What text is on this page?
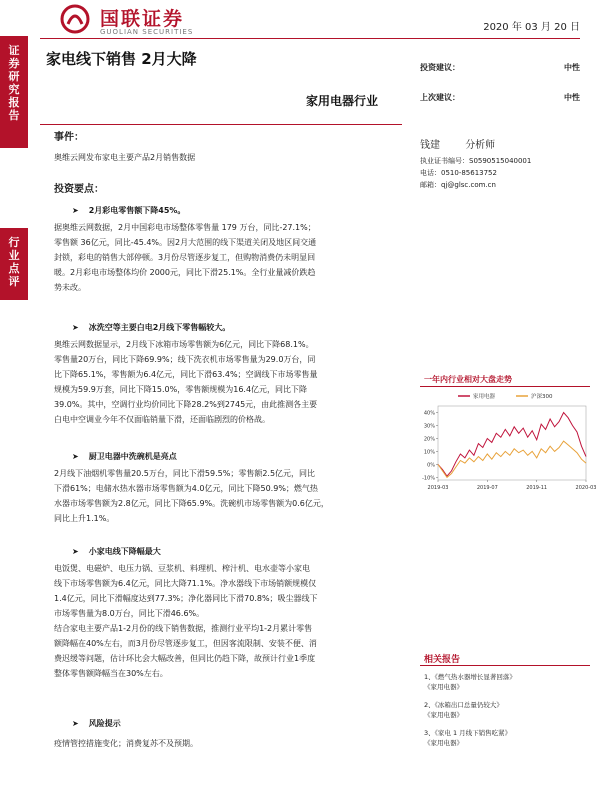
证
券
研
究
报
告
行
业
点
评
国联证券
GUOLIAN SECURITIES	2020 年 03 月 20 日
家电线下销售 2月大降
家用电器行业
投资建议：	中性
上次建议：	中性
钱建	分析师
执业证书编号：S0590515040001
电话：0510-85613752
邮箱：qj@glsc.com.cn
事件：
奥维云网发布家电主要产品2月销售数据
投资要点：
➤ 2月彩电零售额下降45%。
据奥维云网数据，2月中国彩电市场整体零售量 179 万台，同比-27.1%；
零售额 36亿元，同比-45.4%。因2月大范围的线下渠道关闭及地区间交通
封锁，彩电的销售大部停顿。3月份尽管逐步复工，但购物消费仍未明显回
暖。2月彩电市场整体均价 2000元，同比下滑25.1%。全行业量减价跌趋
势未改。
➤ 冰洗空等主要白电2月线下零售幅较大。
奥维云网数据显示，2月线下冰箱市场零售额为6亿元，同比下降68.1%。
零售量20万台，同比下降69.9%；线下洗衣机市场零售量为29.0万台，同
比下降65.1%，零售额为6.4亿元，同比下滑63.4%；空调线下市场零售量
规模为59.9万套，同比下降15.0%，零售额规模为16.4亿元，同比下降
39.0%。其中，空调行业均价同比下降28.2%到2745元，由此推测各主要
白电中空调业今年不仅面临销量下滑，还面临剧烈的价格战。
➤ 厨卫电器中洗碗机是亮点
2月线下油烟机零售量20.5万台，同比下滑59.5%；零售额2.5亿元，同比
下滑61%；电储水热水器市场零售额为4.0亿元，同比下降50.9%；燃气热
水器市场零售额为2.8亿元，同比下降65.9%。洗碗机市场零售额为0.6亿元，
同比上升1.1%。
➤ 小家电线下降幅最大
电饭煲、电磁炉、电压力锅、豆浆机、料理机、榨汁机、电水壶等小家电
线下市场零售额为6.4亿元，同比大降71.1%。净水器线下市场销额规模仅
1.4亿元，同比下滑幅度达到77.3%；净化器同比下滑70.8%；吸尘器线下
市场零售量为8.0万台，同比下滑46.6%。
结合家电主要产品1-2月份的线下销售数据，推测行业平均1-2月累计零售
额降幅在40%左右，而3月份尽管逐步复工，但因客流限制、安装不便、消
费迟缓等问题，估计环比会大幅改善，但同比仍趋下降，故预计行业1季度
整体零售额降幅当在30%左右。
➤ 风险提示
疫情管控措施变化；消费复苏不及预期。
一年内行业相对大盘走势
-10%
0%
10%
20%
30%
40%
2019-03	2019-07	2019-11	2020-03
家用电器	沪深300
相关报告
1、《燃气热水器增长显著回落》
《家用电器》
2、《冰箱出口总量仍较大》
《家用电器》
3、《家电 1 月线下销售吃紧》
《家用电器》
